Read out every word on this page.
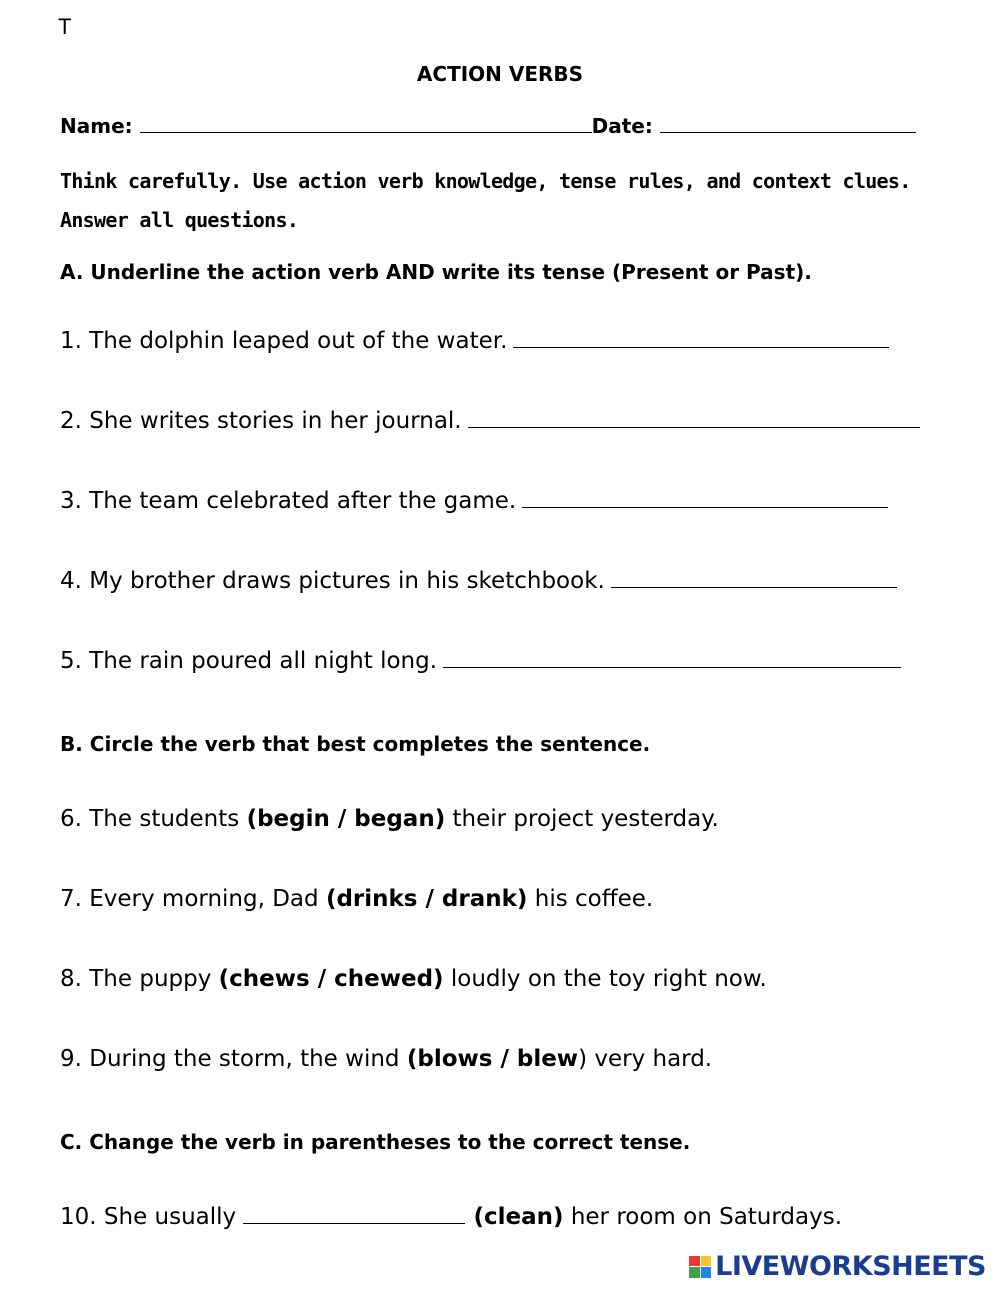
T
ACTION VERBS
Name:	Date:
Think carefully. Use action verb knowledge, tense rules, and context clues. Answer all questions.
A. Underline the action verb AND write its tense (Present or Past).
1. The dolphin leaped out of the water.
2. She writes stories in her journal.
3. The team celebrated after the game.
4. My brother draws pictures in his sketchbook.
5. The rain poured all night long.
B. Circle the verb that best completes the sentence.
6. The students (begin / began) their project yesterday.
7. Every morning, Dad (drinks / drank) his coffee.
8. The puppy (chews / chewed) loudly on the toy right now.
9. During the storm, the wind (blows / blew) very hard.
C. Change the verb in parentheses to the correct tense.
10. She usually	(clean) her room on Saturdays.
LIVEWORKSHEETS
